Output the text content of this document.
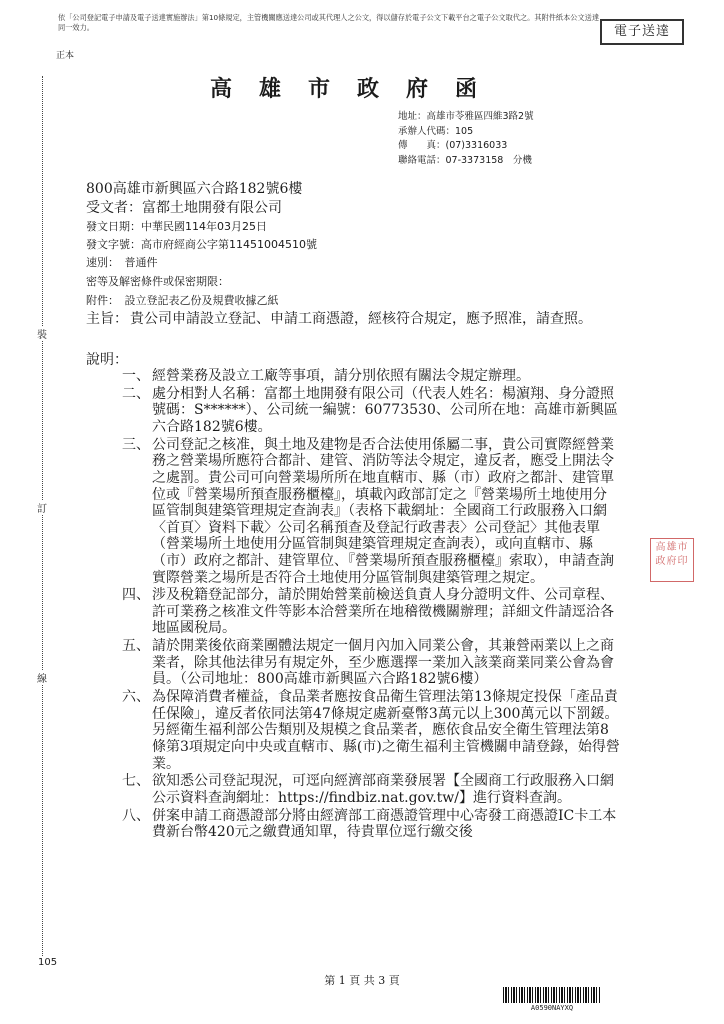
依「公司登記電子申請及電子送達實施辦法」第10條規定，主管機關應送達公司或其代理人之公文，得以儲存於電子公文下載平台之電子公文取代之。其附件紙本公文送達同一效力。	電子送達
正本
裝
訂
線
高雄市政府函
地址：高雄市苓雅區四維3路2號
承辦人代碼：105
傳　　真：(07)3316033
聯絡電話：07-3373158　分機
800高雄市新興區六合路182號6樓
受文者：富都土地開發有限公司
發文日期：中華民國114年03月25日
發文字號：高市府經商公字第11451004510號
速別：　普通件
密等及解密條件或保密期限：
附件：　設立登記表乙份及規費收據乙紙
主旨： 貴公司申請設立登記、申請工商憑證，經核符合規定，應予照准，請查照。
說明：
一、 經營業務及設立工廠等事項，請分別依照有關法令規定辦理。
二、 處分相對人名稱：富都土地開發有限公司（代表人姓名：楊濵翔、身分證照號碼：S******）、公司統一編號：60773530、公司所在地：高雄市新興區六合路182號6樓。
三、 公司登記之核准，與土地及建物是否合法使用係屬二事，貴公司實際經營業務之營業場所應符合都計、建管、消防等法令規定，違反者，應受上開法令之處罰。貴公司可向營業場所所在地直轄市、縣（市）政府之都計、建管單位或『營業場所預查服務櫃檯』，填載內政部訂定之『營業場所土地使用分區管制與建築管理規定查詢表』（表格下載網址：全國商工行政服務入口網〈首頁〉資料下載〉公司名稱預查及登記行政書表〉公司登記〉其他表單（營業場所土地使用分區管制與建築管理規定查詢表），或向直轄市、縣（市）政府之都計、建管單位、『營業場所預查服務櫃檯』索取），申請查詢實際營業之場所是否符合土地使用分區管制與建築管理之規定。
四、 涉及稅籍登記部分，請於開始營業前檢送負責人身分證明文件、公司章程、許可業務之核准文件等影本洽營業所在地稽徵機關辦理；詳細文件請逕洽各地區國稅局。
五、 請於開業後依商業團體法規定一個月內加入同業公會，其兼營兩業以上之商業者，除其他法律另有規定外，至少應選擇一業加入該業商業同業公會為會員。（公司地址：800高雄市新興區六合路182號6樓）
六、 為保障消費者權益，食品業者應按食品衛生管理法第13條規定投保「產品責任保險」，違反者依同法第47條規定處新臺幣3萬元以上300萬元以下罰鍰。另經衛生福利部公告類別及規模之食品業者，應依食品安全衛生管理法第8條第3項規定向中央或直轄市、縣(市)之衛生福利主管機關申請登錄，始得營業。
七、 欲知悉公司登記現況，可逕向經濟部商業發展署【全國商工行政服務入口網公示資料查詢網址：https://findbiz.nat.gov.tw/】進行資料查詢。
八、 併案申請工商憑證部分將由經濟部工商憑證管理中心寄發工商憑證IC卡工本費新台幣420元之繳費通知單，待貴單位逕行繳交後
高雄市政府印
105
第 1 頁 共 3 頁
A0590NAYXQ
